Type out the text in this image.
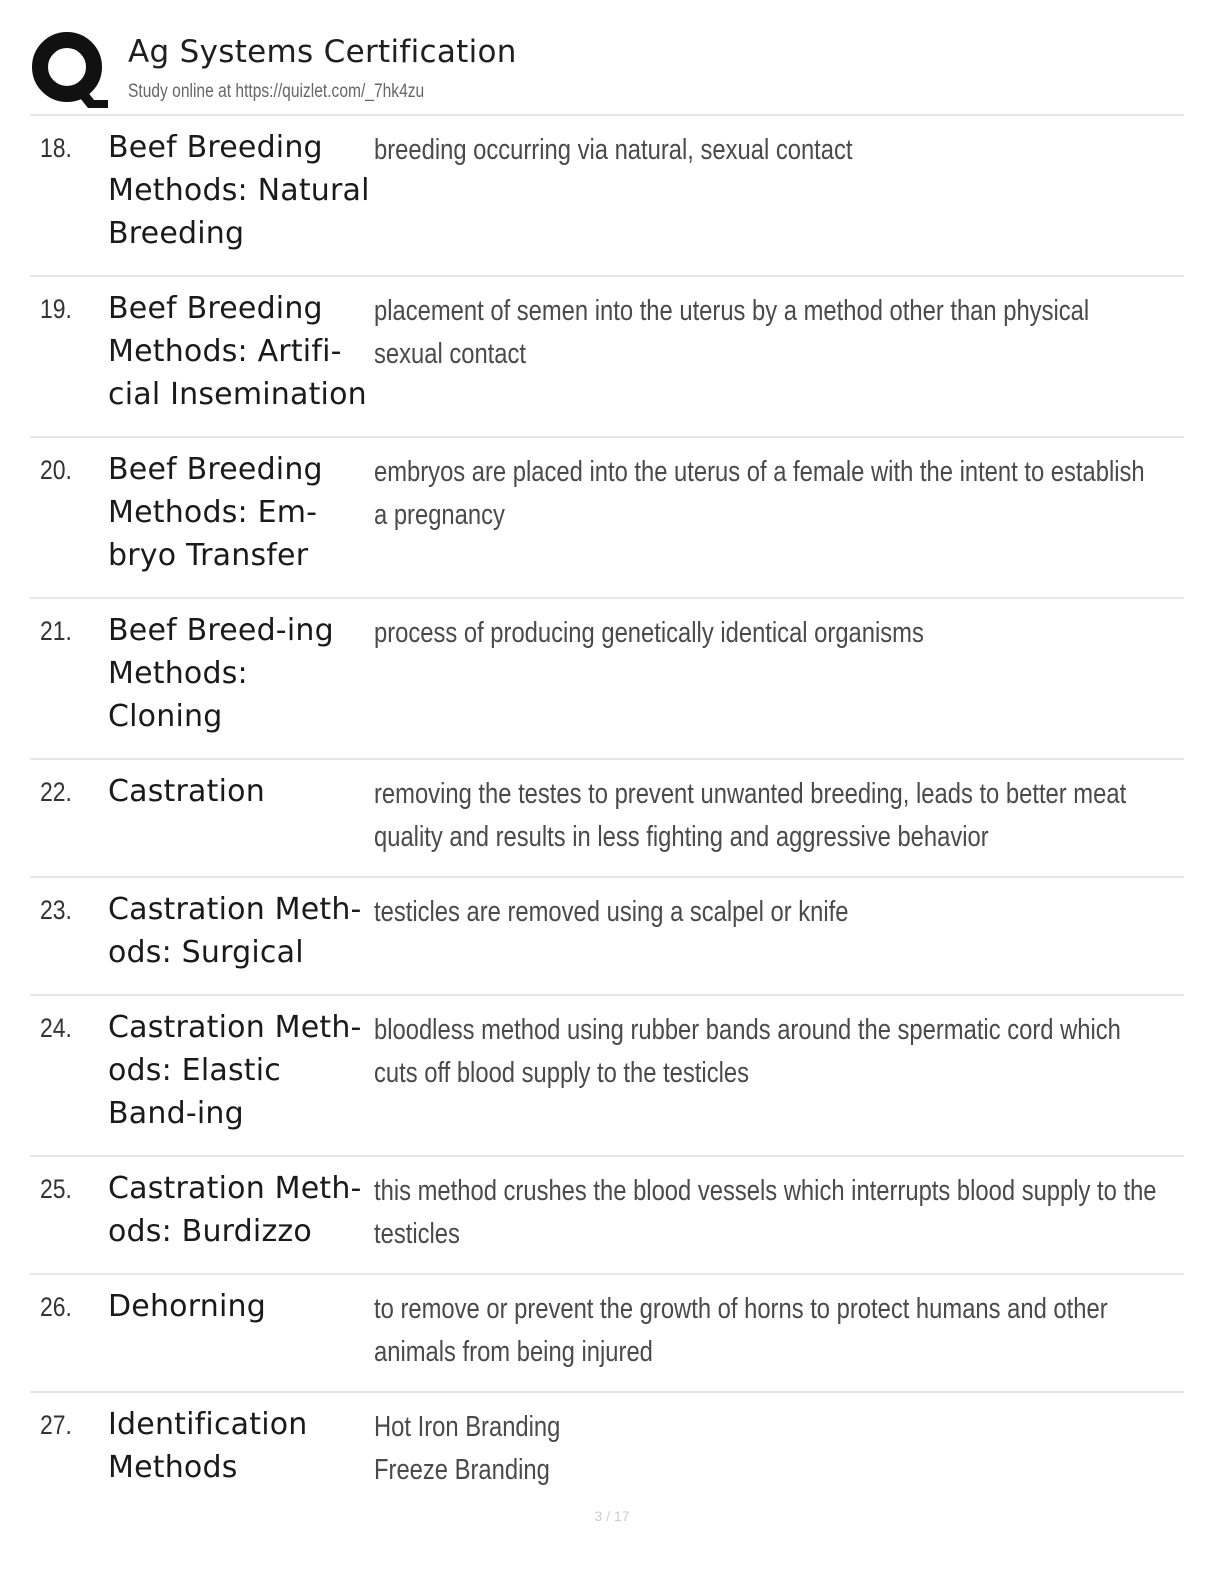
Ag Systems Certification
Study online at https://quizlet.com/_7hk4zu
18. Beef Breeding Methods: Natural Breeding
breeding occurring via natural, sexual contact
19. Beef Breeding Methods: Artifi-cial Insemination
placement of semen into the uterus by a method other than physical sexual contact
20. Beef Breeding Methods: Em-bryo Transfer
embryos are placed into the uterus of a female with the intent to establish a pregnancy
21. Beef Breed-ing Methods: Cloning
process of producing genetically identical organisms
22. Castration	removing the testes to prevent unwanted breeding, leads to better meat quality and results in less fighting and aggressive behavior
23. Castration Meth-ods: Surgical
testicles are removed using a scalpel or knife
24. Castration Meth-ods: Elastic Band-ing
bloodless method using rubber bands around the spermatic cord which cuts off blood supply to the testicles
25. Castration Meth-ods: Burdizzo
this method crushes the blood vessels which interrupts blood supply to the testicles
26. Dehorning	to remove or prevent the growth of horns to protect humans and other animals from being injured
27. Identification Methods
Hot Iron Branding
Freeze Branding
3 / 17
